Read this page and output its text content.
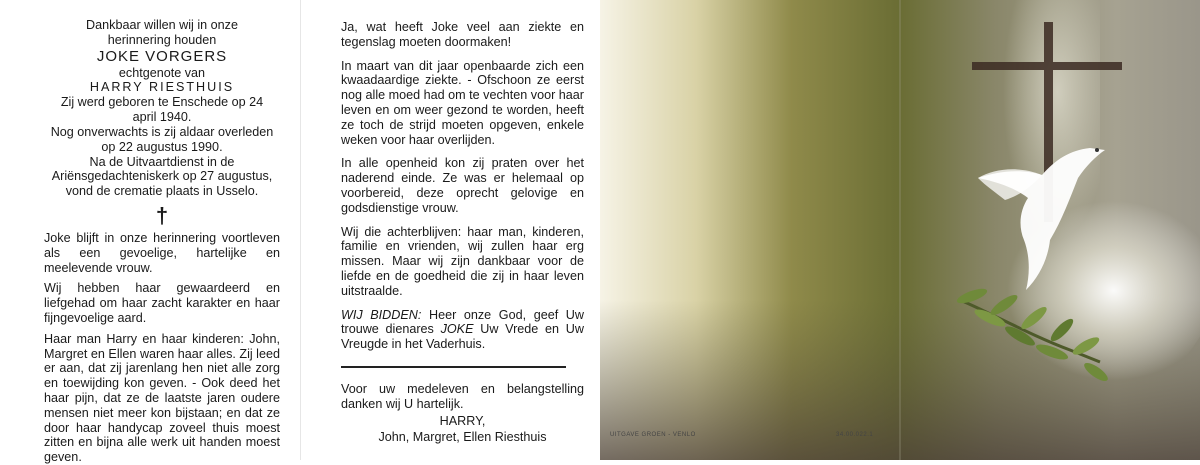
Dankbaar willen wij in onze herinnering houden

JOKE VORGERS

echtgenote van

HARRY RIESTHUIS

Zij werd geboren te Enschede op 24 april 1940.

Nog onverwachts is zij aldaar overleden op 22 augustus 1990.

Na de Uitvaartdienst in de Ariënsgedachteniskerk op 27 augustus, vond de crematie plaats in Usselo.

†

Joke blijft in onze herinnering voortleven als een gevoelige, hartelijke en meelevende vrouw.

Wij hebben haar gewaardeerd en liefgehad om haar zacht karakter en haar fijngevoelige aard.

Haar man Harry en haar kinderen: John, Margret en Ellen waren haar alles. Zij leed er aan, dat zij jarenlang hen niet alle zorg en toewijding kon geven. - Ook deed het haar pijn, dat ze de laatste jaren oudere mensen niet meer kon bijstaan; en dat ze door haar handycap zoveel thuis moest zitten en bijna alle werk uit handen moest geven.

Ja, wat heeft Joke veel aan ziekte en tegenslag moeten doormaken!

In maart van dit jaar openbaarde zich een kwaadaardige ziekte. - Ofschoon ze eerst nog alle moed had om te vechten voor haar leven en om weer gezond te worden, heeft ze toch de strijd moeten opgeven, enkele weken voor haar overlijden.

In alle openheid kon zij praten over het naderend einde. Ze was er helemaal op voorbereid, deze oprecht gelovige en godsdienstige vrouw.

Wij die achterblijven: haar man, kinderen, familie en vrienden, wij zullen haar erg missen. Maar wij zijn dankbaar voor de liefde en de goedheid die zij in haar leven uitstraalde.

WIJ BIDDEN: Heer onze God, geef Uw trouwe dienares JOKE Uw Vrede en Uw Vreugde in het Vaderhuis.

Voor uw medeleven en belangstelling danken wij U hartelijk.

HARRY,

John, Margret, Ellen Riesthuis	UITGAVE GROEN - VENLO	34.00.022.1
